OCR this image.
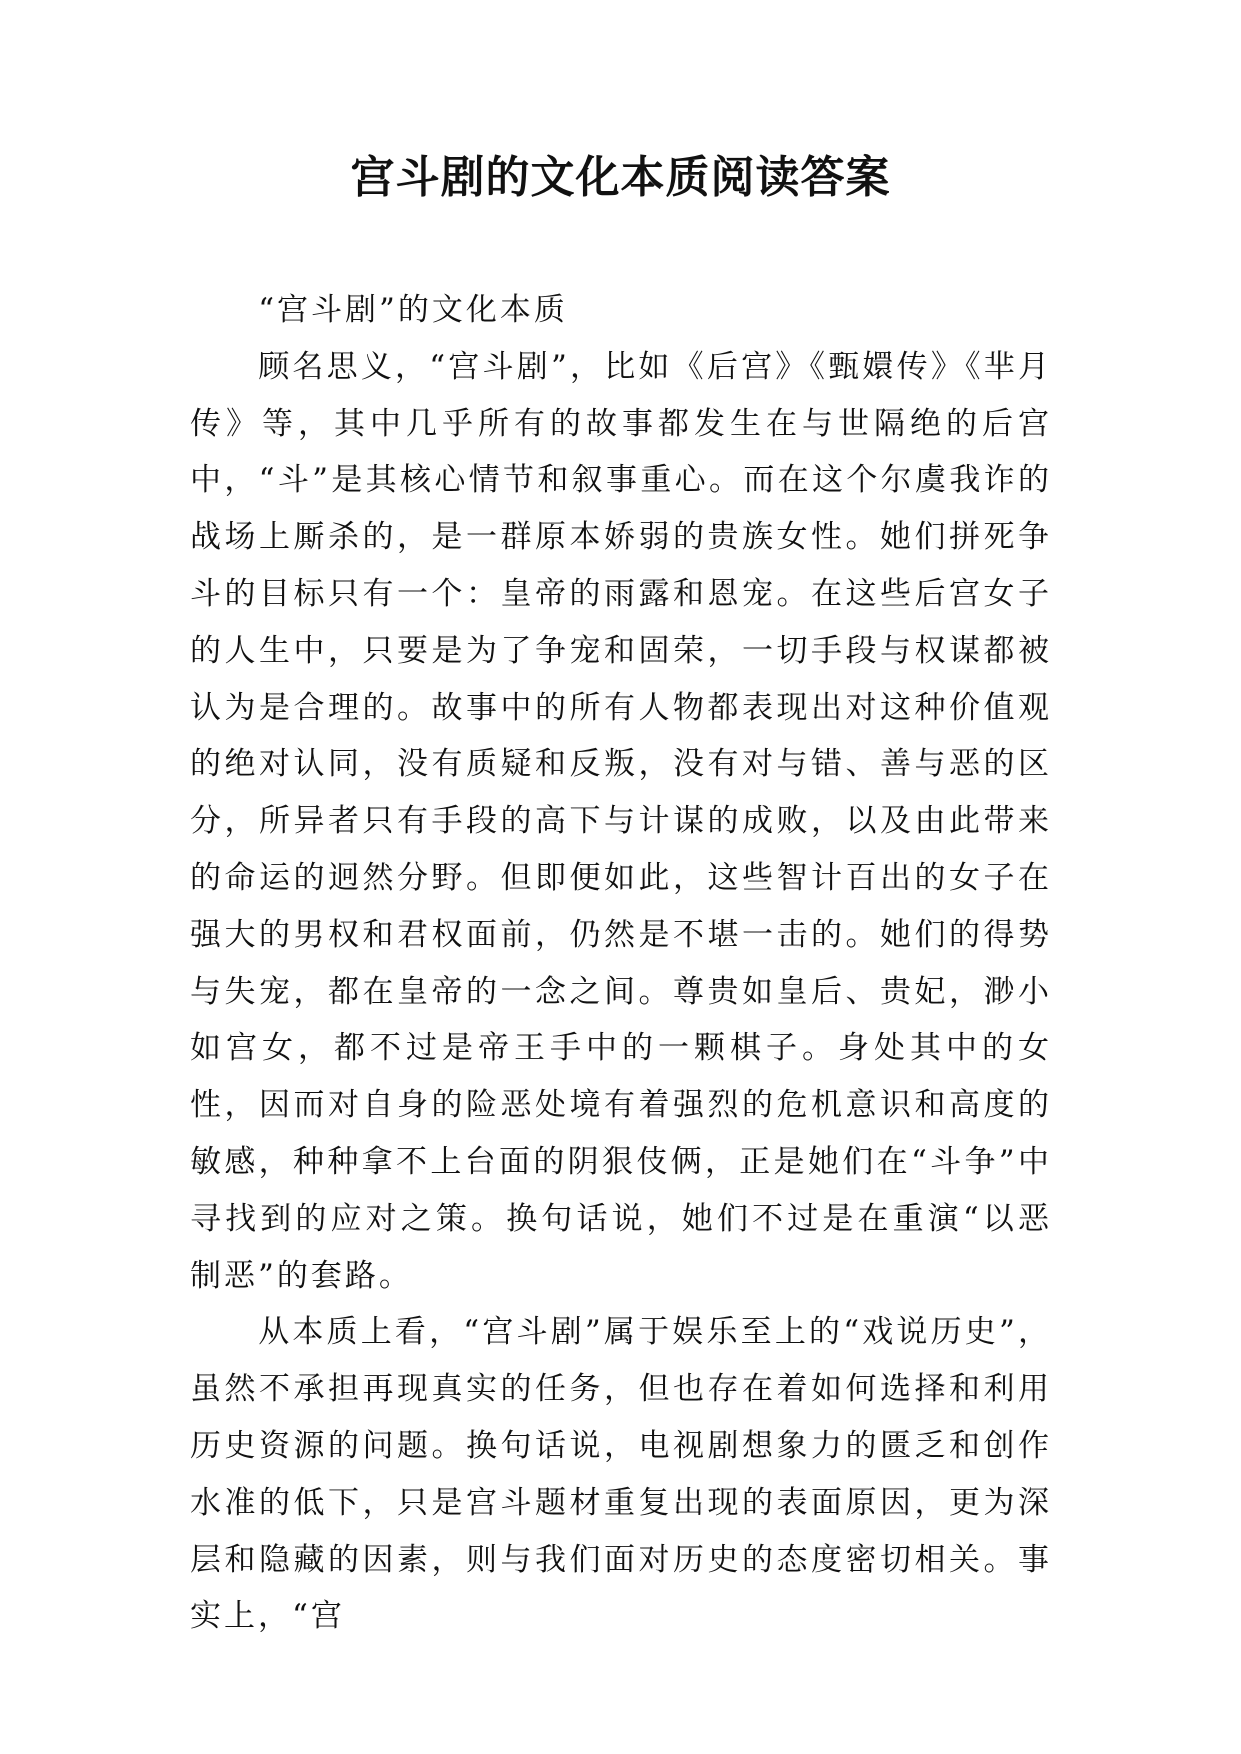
宫斗剧的文化本质阅读答案

“宫斗剧”的文化本质

顾名思义，“宫斗剧”，比如《后宫》《甄嬛传》《芈月传》等，其中几乎所有的故事都发生在与世隔绝的后宫中，“斗”是其核心情节和叙事重心。而在这个尔虞我诈的战场上厮杀的，是一群原本娇弱的贵族女性。她们拼死争斗的目标只有一个：皇帝的雨露和恩宠。在这些后宫女子的人生中，只要是为了争宠和固荣，一切手段与权谋都被认为是合理的。故事中的所有人物都表现出对这种价值观的绝对认同，没有质疑和反叛，没有对与错、善与恶的区分，所异者只有手段的高下与计谋的成败，以及由此带来的命运的迥然分野。但即便如此，这些智计百出的女子在强大的男权和君权面前，仍然是不堪一击的。她们的得势与失宠，都在皇帝的一念之间。尊贵如皇后、贵妃，渺小如宫女，都不过是帝王手中的一颗棋子。身处其中的女性，因而对自身的险恶处境有着强烈的危机意识和高度的敏感，种种拿不上台面的阴狠伎俩，正是她们在“斗争”中寻找到的应对之策。换句话说，她们不过是在重演“以恶制恶”的套路。

从本质上看，“宫斗剧”属于娱乐至上的“戏说历史”，虽然不承担再现真实的任务，但也存在着如何选择和利用历史资源的问题。换句话说，电视剧想象力的匮乏和创作水准的低下，只是宫斗题材重复出现的表面原因，更为深层和隐藏的因素，则与我们面对历史的态度密切相关。事实上，“宫
